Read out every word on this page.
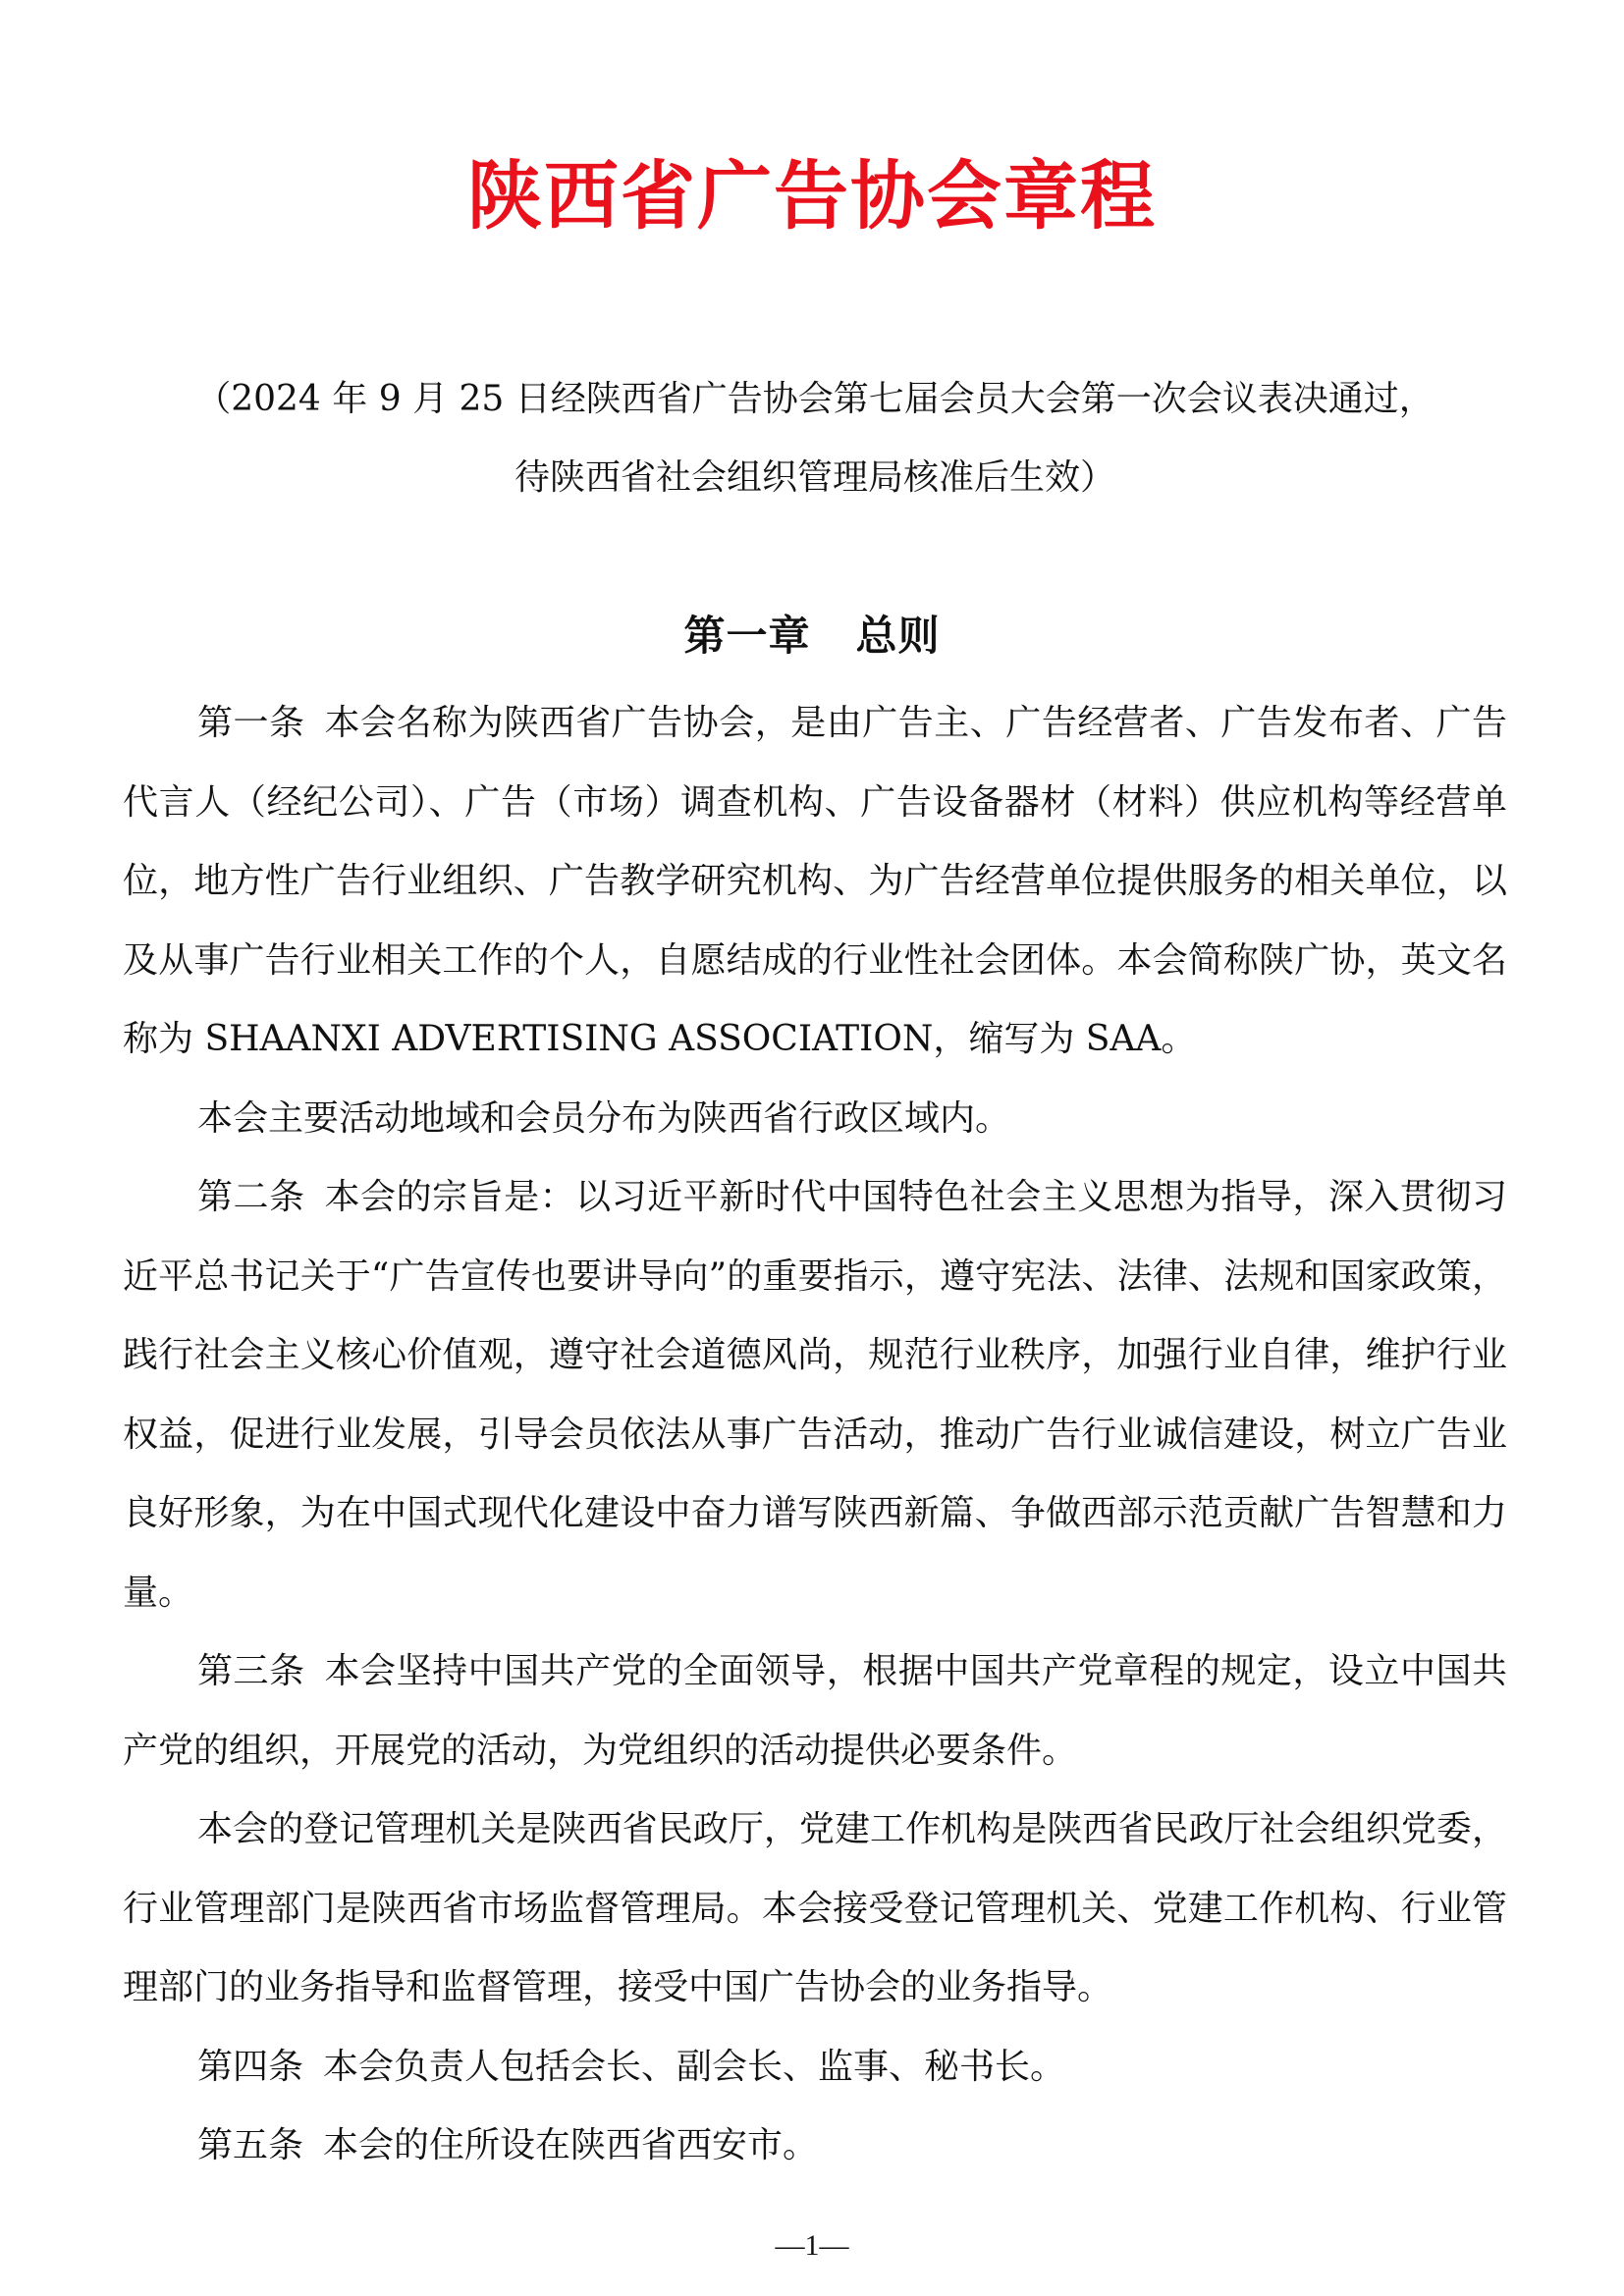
陕西省广告协会章程
（2024 年 9 月 25 日经陕西省广告协会第七届会员大会第一次会议表决通过，
待陕西省社会组织管理局核准后生效）
第一章 总则

第一条 本会名称为陕西省广告协会，是由广告主、广告经营者、广告发布者、广告代言人（经纪公司）、广告（市场）调查机构、广告设备器材（材料）供应机构等经营单位，地方性广告行业组织、广告教学研究机构、为广告经营单位提供服务的相关单位，以及从事广告行业相关工作的个人，自愿结成的行业性社会团体。本会简称陕广协，英文名称为 SHAANXI ADVERTISING ASSOCIATION，缩写为 SAA。

本会主要活动地域和会员分布为陕西省行政区域内。

第二条 本会的宗旨是：以习近平新时代中国特色社会主义思想为指导，深入贯彻习近平总书记关于“广告宣传也要讲导向”的重要指示，遵守宪法、法律、法规和国家政策，践行社会主义核心价值观，遵守社会道德风尚，规范行业秩序，加强行业自律，维护行业权益，促进行业发展，引导会员依法从事广告活动，推动广告行业诚信建设，树立广告业良好形象，为在中国式现代化建设中奋力谱写陕西新篇、争做西部示范贡献广告智慧和力量。

第三条 本会坚持中国共产党的全面领导，根据中国共产党章程的规定，设立中国共产党的组织，开展党的活动，为党组织的活动提供必要条件。

本会的登记管理机关是陕西省民政厅，党建工作机构是陕西省民政厅社会组织党委，行业管理部门是陕西省市场监督管理局。本会接受登记管理机关、党建工作机构、行业管理部门的业务指导和监督管理，接受中国广告协会的业务指导。

第四条 本会负责人包括会长、副会长、监事、秘书长。

第五条 本会的住所设在陕西省西安市。

—1—
